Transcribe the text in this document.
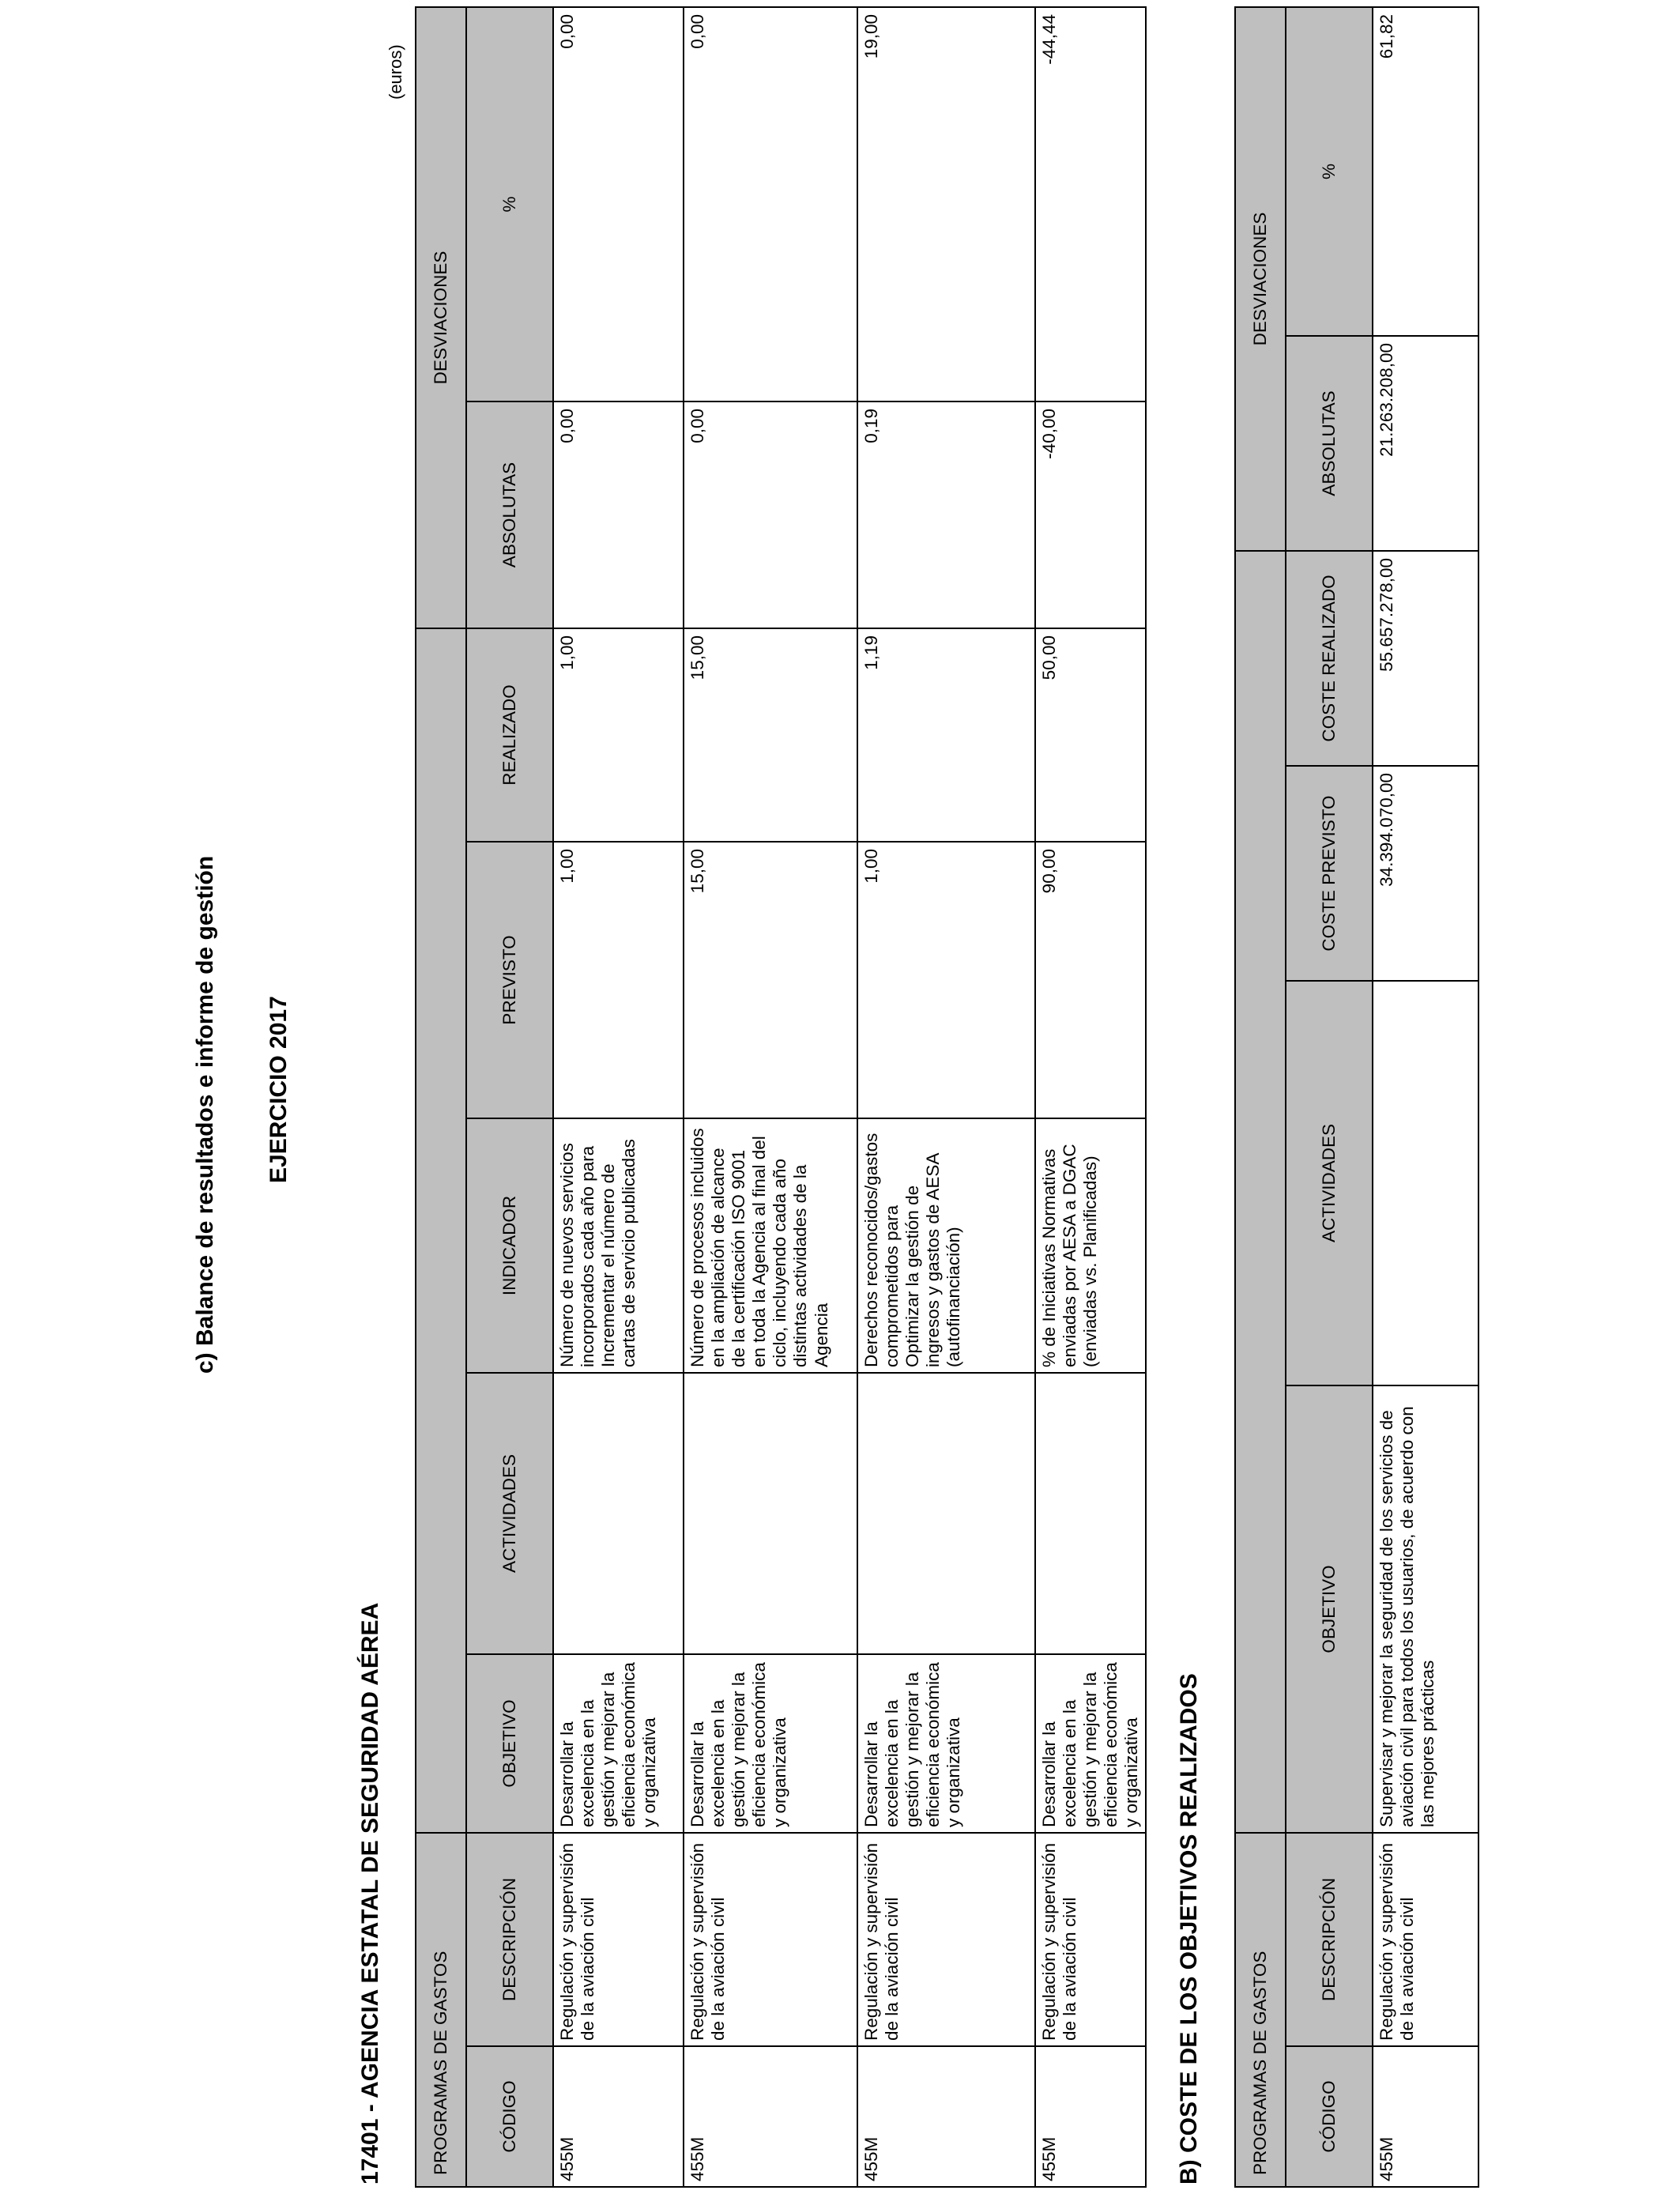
c) Balance de resultados e informe de gestión EJERCICIO 2017
17401 - AGENCIA ESTATAL DE SEGURIDAD AÉREA
(euros)
PROGRAMAS DE GASTOS							DESVIACIONES	
CÓDIGO	DESCRIPCIÓN	OBJETIVO	ACTIVIDADES	INDICADOR	PREVISTO	REALIZADO	ABSOLUTAS	%
455M	Regulación y supervisión de la aviación civil	Desarrollar la excelencia en la gestión y mejorar la eficiencia económica y organizativa		Número de nuevos servicios incorporados cada año para Incrementar el número de cartas de servicio publicadas	1,00	1,00	0,00	0,00
455M	Regulación y supervisión de la aviación civil	Desarrollar la excelencia en la gestión y mejorar la eficiencia económica y organizativa		Número de procesos incluidos en la ampliación de alcance de la certificación ISO 9001 en toda la Agencia al final del ciclo, incluyendo cada año distintas actividades de la Agencia	15,00	15,00	0,00	0,00
455M	Regulación y supervisión de la aviación civil	Desarrollar la excelencia en la gestión y mejorar la eficiencia económica y organizativa		Derechos reconocidos/gastos comprometidos para Optimizar la gestión de ingresos y gastos de AESA (autofinanciación)	1,00	1,19	0,19	19,00
455M	Regulación y supervisión de la aviación civil	Desarrollar la excelencia en la gestión y mejorar la eficiencia económica y organizativa		% de Iniciativas Normativas enviadas por AESA a DGAC (enviadas vs. Planificadas)	90,00	50,00	-40,00	-44,44
B) COSTE DE LOS OBJETIVOS REALIZADOS	PROGRAMAS DE GASTOS						DESVIACIONES	
CÓDIGO	DESCRIPCIÓN	OBJETIVO	ACTIVIDADES	COSTE PREVISTO	COSTE REALIZADO	ABSOLUTAS	%
455M	Regulación y supervisión de la aviación civil	Supervisar y mejorar la seguridad de los servicios de aviación civil para todos los usuarios, de acuerdo con las mejores prácticas		34.394.070,00	55.657.278,00	21.263.208,00	61,82
